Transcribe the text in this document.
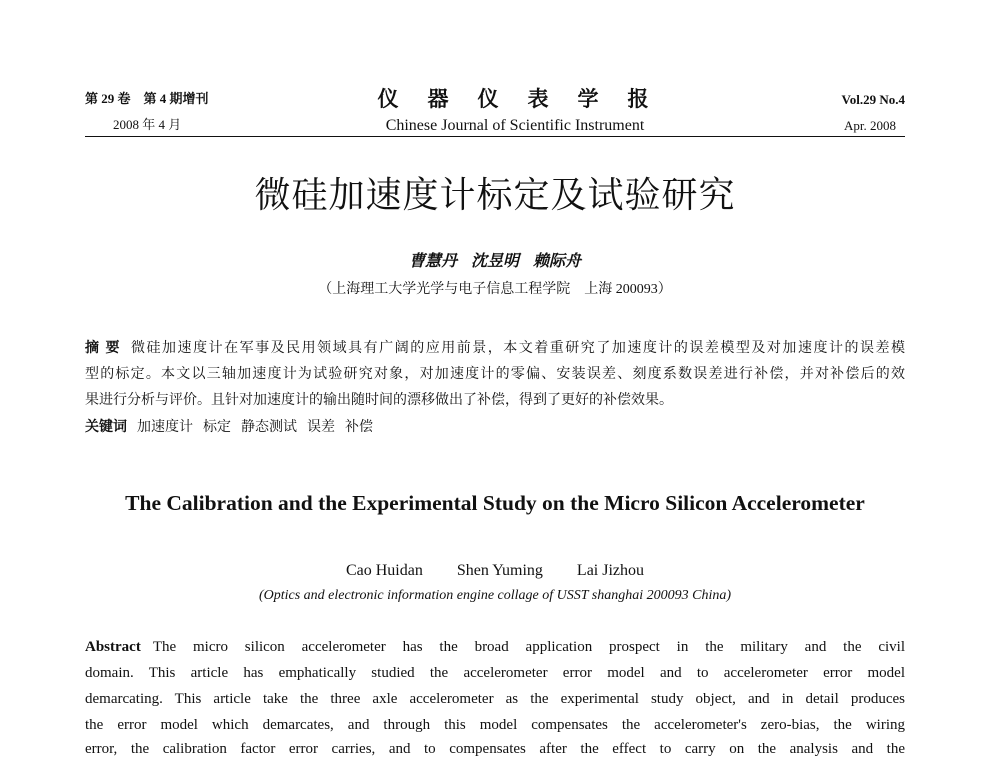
第 29 卷　第 4 期增刊
2008 年 4 月
仪　器　仪　表　学　报
Chinese Journal of Scientific Instrument
Vol.29 No.4
Apr. 2008
微硅加速度计标定及试验研究
曹慧丹 沈昱明 赖际舟
（上海理工大学光学与电子信息工程学院　上海 200093）
摘 要 微硅加速度计在军事及民用领域具有广阔的应用前景，本文着重研究了加速度计的误差模型及对加速度计的误差模
型的标定。本文以三轴加速度计为试验研究对象，对加速度计的零偏、安装误差、刻度系数误差进行补偿，并对补偿后的效
果进行分析与评价。且针对加速度计的输出随时间的漂移做出了补偿，得到了更好的补偿效果。
关键词 加速度计 标定 静态测试 误差 补偿
The Calibration and the Experimental Study on the Micro Silicon Accelerometer
Cao Huidan Shen Yuming Lai Jizhou
(Optics and electronic information engine collage of USST shanghai 200093 China)
Abstract The micro silicon accelerometer has the broad application prospect in the military and the civil
domain. This article has emphatically studied the accelerometer error model and to accelerometer error model
demarcating. This article take the three axle accelerometer as the experimental study object, and in detail produces
the error model which demarcates, and through this model compensates the accelerometer's zero-bias, the wiring
error, the calibration factor error carries, and to compensates after the effect to carry on the analysis and the
